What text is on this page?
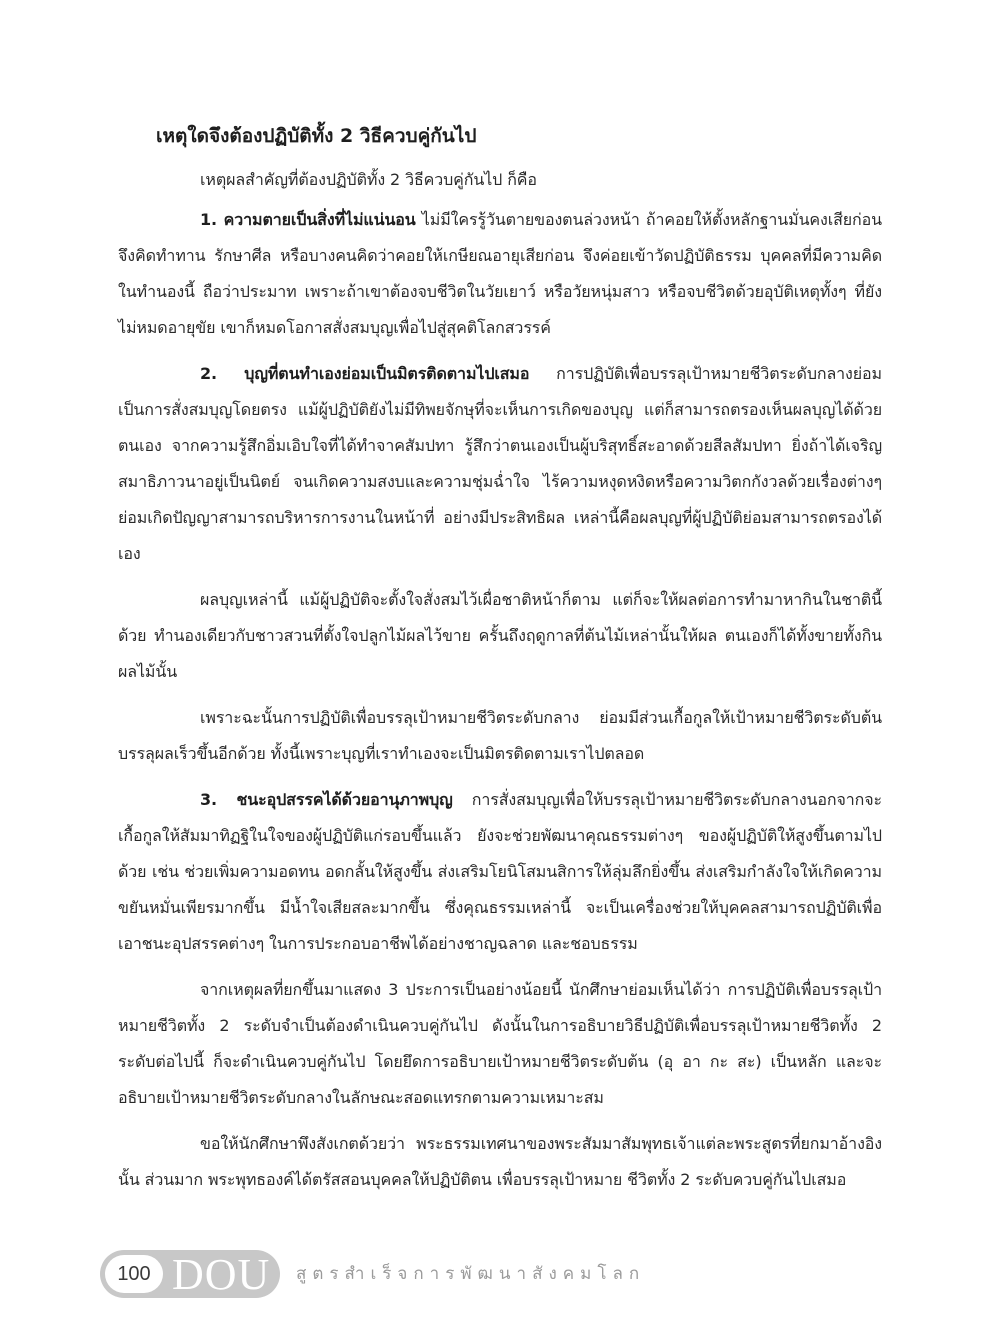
เหตุใดจึงต้องปฏิบัติทั้ง 2 วิธีควบคู่กันไป

เหตุผลสำคัญที่ต้องปฏิบัติทั้ง 2 วิธีควบคู่กันไป ก็คือ

1. ความตายเป็นสิ่งที่ไม่แน่นอน ไม่มีใครรู้วันตายของตนล่วงหน้า ถ้าคอยให้ตั้งหลักฐานมั่นคงเสียก่อน จึงคิดทำทาน รักษาศีล หรือบางคนคิดว่าคอยให้เกษียณอายุเสียก่อน จึงค่อยเข้าวัดปฏิบัติธรรม บุคคลที่มีความคิดในทำนองนี้ ถือว่าประมาท เพราะถ้าเขาต้องจบชีวิตในวัยเยาว์ หรือวัยหนุ่มสาว หรือจบชีวิตด้วยอุบัติเหตุทั้งๆ ที่ยังไม่หมดอายุขัย เขาก็หมดโอกาสสั่งสมบุญเพื่อไปสู่สุคติโลกสวรรค์

2. บุญที่ตนทำเองย่อมเป็นมิตรติดตามไปเสมอ การปฏิบัติเพื่อบรรลุเป้าหมายชีวิตระดับกลางย่อมเป็นการสั่งสมบุญโดยตรง แม้ผู้ปฏิบัติยังไม่มีทิพยจักษุที่จะเห็นการเกิดของบุญ แต่ก็สามารถตรองเห็นผลบุญได้ด้วยตนเอง จากความรู้สึกอิ่มเอิบใจที่ได้ทำจาคสัมปทา รู้สึกว่าตนเองเป็นผู้บริสุทธิ์สะอาดด้วยสีลสัมปทา ยิ่งถ้าได้เจริญสมาธิภาวนาอยู่เป็นนิตย์ จนเกิดความสงบและความชุ่มฉ่ำใจ ไร้ความหงุดหงิดหรือความวิตกกังวลด้วยเรื่องต่างๆ ย่อมเกิดปัญญาสามารถบริหารการงานในหน้าที่ อย่างมีประสิทธิผล เหล่านี้คือผลบุญที่ผู้ปฏิบัติย่อมสามารถตรองได้เอง

ผลบุญเหล่านี้ แม้ผู้ปฏิบัติจะตั้งใจสั่งสมไว้เผื่อชาติหน้าก็ตาม แต่ก็จะให้ผลต่อการทำมาหากินในชาตินี้ด้วย ทำนองเดียวกับชาวสวนที่ตั้งใจปลูกไม้ผลไว้ขาย ครั้นถึงฤดูกาลที่ต้นไม้เหล่านั้นให้ผล ตนเองก็ได้ทั้งขายทั้งกินผลไม้นั้น

เพราะฉะนั้นการปฏิบัติเพื่อบรรลุเป้าหมายชีวิตระดับกลาง ย่อมมีส่วนเกื้อกูลให้เป้าหมายชีวิตระดับต้นบรรลุผลเร็วขึ้นอีกด้วย ทั้งนี้เพราะบุญที่เราทำเองจะเป็นมิตรติดตามเราไปตลอด

3. ชนะอุปสรรคได้ด้วยอานุภาพบุญ การสั่งสมบุญเพื่อให้บรรลุเป้าหมายชีวิตระดับกลางนอกจากจะเกื้อกูลให้สัมมาทิฏฐิในใจของผู้ปฏิบัติแก่รอบขึ้นแล้ว ยังจะช่วยพัฒนาคุณธรรมต่างๆ ของผู้ปฏิบัติให้สูงขึ้นตามไปด้วย เช่น ช่วยเพิ่มความอดทน อดกลั้นให้สูงขึ้น ส่งเสริมโยนิโสมนสิการให้ลุ่มลึกยิ่งขึ้น ส่งเสริมกำลังใจให้เกิดความขยันหมั่นเพียรมากขึ้น มีน้ำใจเสียสละมากขึ้น ซึ่งคุณธรรมเหล่านี้ จะเป็นเครื่องช่วยให้บุคคลสามารถปฏิบัติเพื่อเอาชนะอุปสรรคต่างๆ ในการประกอบอาชีพได้อย่างชาญฉลาด และชอบธรรม

จากเหตุผลที่ยกขึ้นมาแสดง 3 ประการเป็นอย่างน้อยนี้ นักศึกษาย่อมเห็นได้ว่า การปฏิบัติเพื่อบรรลุเป้าหมายชีวิตทั้ง 2 ระดับจำเป็นต้องดำเนินควบคู่กันไป ดังนั้นในการอธิบายวิธีปฏิบัติเพื่อบรรลุเป้าหมายชีวิตทั้ง 2 ระดับต่อไปนี้ ก็จะดำเนินควบคู่กันไป โดยยึดการอธิบายเป้าหมายชีวิตระดับต้น (อุ อา กะ สะ) เป็นหลัก และจะอธิบายเป้าหมายชีวิตระดับกลางในลักษณะสอดแทรกตามความเหมาะสม

ขอให้นักศึกษาพึงสังเกตด้วยว่า พระธรรมเทศนาของพระสัมมาสัมพุทธเจ้าแต่ละพระสูตรที่ยกมาอ้างอิงนั้น ส่วนมาก พระพุทธองค์ได้ตรัสสอนบุคคลให้ปฏิบัติตน เพื่อบรรลุเป้าหมาย ชีวิตทั้ง 2 ระดับควบคู่กันไปเสมอ

100 DOU สูตรสำเร็จการพัฒนาสังคมโลก
